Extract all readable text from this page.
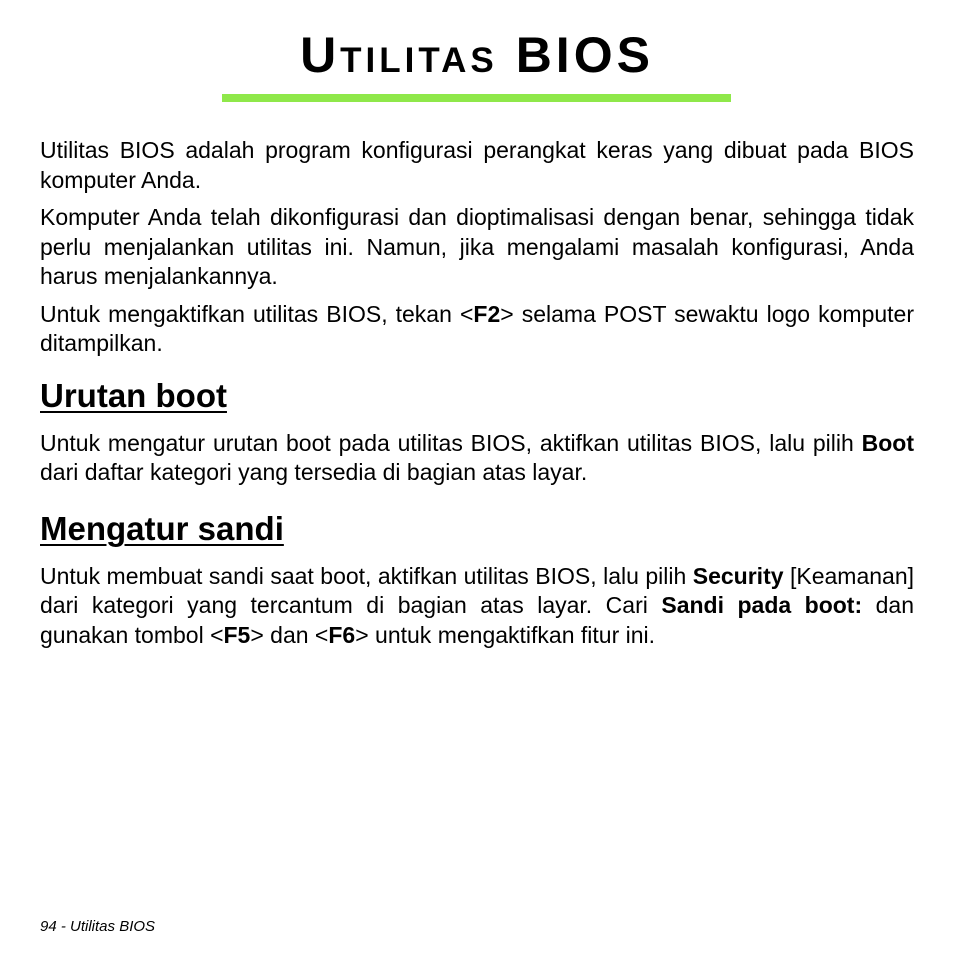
Utilitas BIOS

Utilitas BIOS adalah program konfigurasi perangkat keras yang dibuat pada BIOS komputer Anda.

Komputer Anda telah dikonfigurasi dan dioptimalisasi dengan benar, sehingga tidak perlu menjalankan utilitas ini. Namun, jika mengalami masalah konfigurasi, Anda harus menjalankannya.

Untuk mengaktifkan utilitas BIOS, tekan <F2> selama POST sewaktu logo komputer ditampilkan.

Urutan boot

Untuk mengatur urutan boot pada utilitas BIOS, aktifkan utilitas BIOS, lalu pilih Boot dari daftar kategori yang tersedia di bagian atas layar.

Mengatur sandi

Untuk membuat sandi saat boot, aktifkan utilitas BIOS, lalu pilih Security [Keamanan] dari kategori yang tercantum di bagian atas layar. Cari Sandi pada boot: dan gunakan tombol <F5> dan <F6> untuk mengaktifkan fitur ini.

94 - Utilitas BIOS
